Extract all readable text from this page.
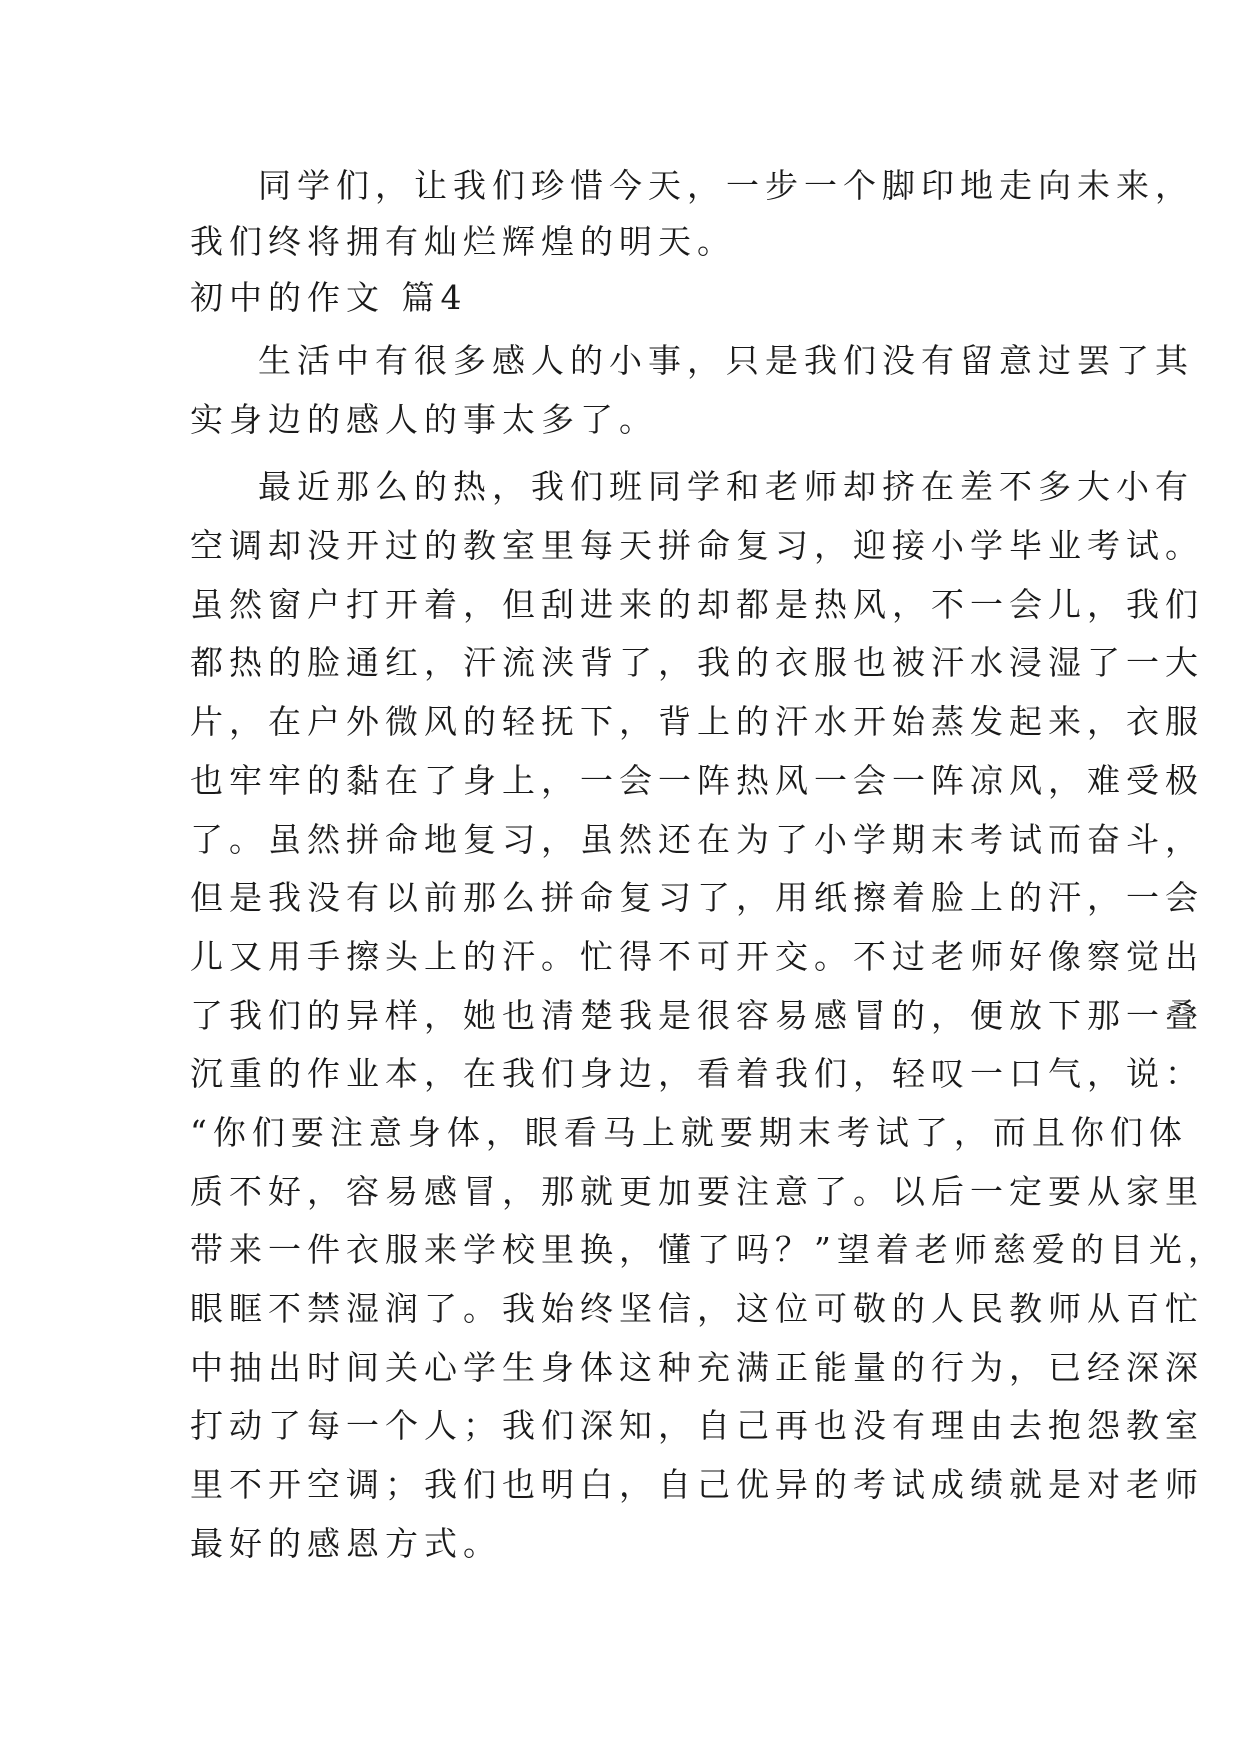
同学们，让我们珍惜今天，一步一个脚印地走向未来，
我们终将拥有灿烂辉煌的明天。
初中的作文 篇4
生活中有很多感人的小事，只是我们没有留意过罢了其
实身边的感人的事太多了。
最近那么的热，我们班同学和老师却挤在差不多大小有
空调却没开过的教室里每天拼命复习，迎接小学毕业考试。
虽然窗户打开着，但刮进来的却都是热风，不一会儿，我们
都热的脸通红，汗流浃背了，我的衣服也被汗水浸湿了一大
片，在户外微风的轻抚下，背上的汗水开始蒸发起来，衣服
也牢牢的黏在了身上，一会一阵热风一会一阵凉风，难受极
了。虽然拼命地复习，虽然还在为了小学期末考试而奋斗，
但是我没有以前那么拼命复习了，用纸擦着脸上的汗，一会
儿又用手擦头上的汗。忙得不可开交。不过老师好像察觉出
了我们的异样，她也清楚我是很容易感冒的，便放下那一叠
沉重的作业本，在我们身边，看着我们，轻叹一口气，说：
“你们要注意身体，眼看马上就要期末考试了，而且你们体
质不好，容易感冒，那就更加要注意了。以后一定要从家里
带来一件衣服来学校里换，懂了吗？”望着老师慈爱的目光，
眼眶不禁湿润了。我始终坚信，这位可敬的人民教师从百忙
中抽出时间关心学生身体这种充满正能量的行为，已经深深
打动了每一个人；我们深知，自己再也没有理由去抱怨教室
里不开空调；我们也明白，自己优异的考试成绩就是对老师
最好的感恩方式。
